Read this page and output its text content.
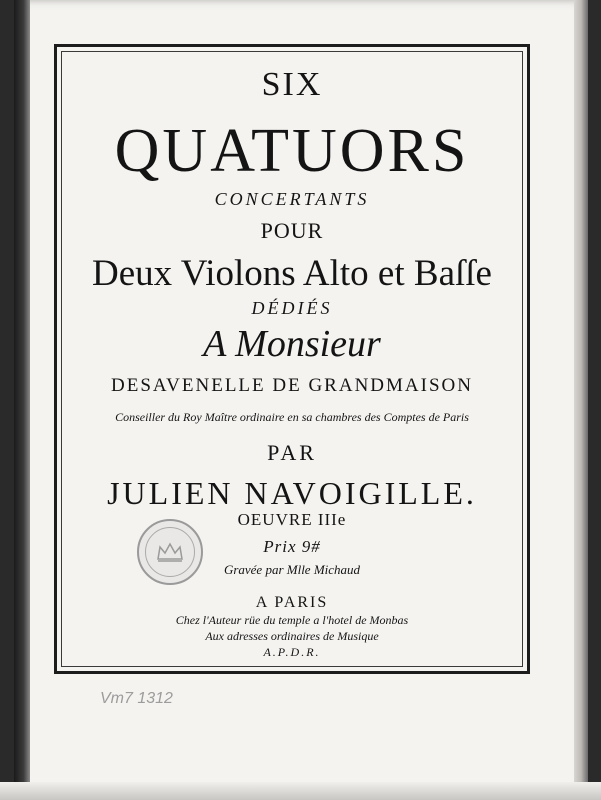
SIX
QUATUORS
CONCERTANTS
POUR
Deux Violons Alto et Baſſe
DÉDIÉS
A Monsieur
DESAVENELLE DE GRANDMAISON
Conseiller du Roy Maître ordinaire en sa chambres des Comptes de Paris
PAR
JULIEN NAVOIGILLE.
OEUVRE IIIe
Prix 9#
Gravée par Mlle Michaud
A PARIS
Chez l'Auteur rüe du temple a l'hotel de Monbas
Aux adresses ordinaires de Musique
A.P.D.R.
Vm7 1312
